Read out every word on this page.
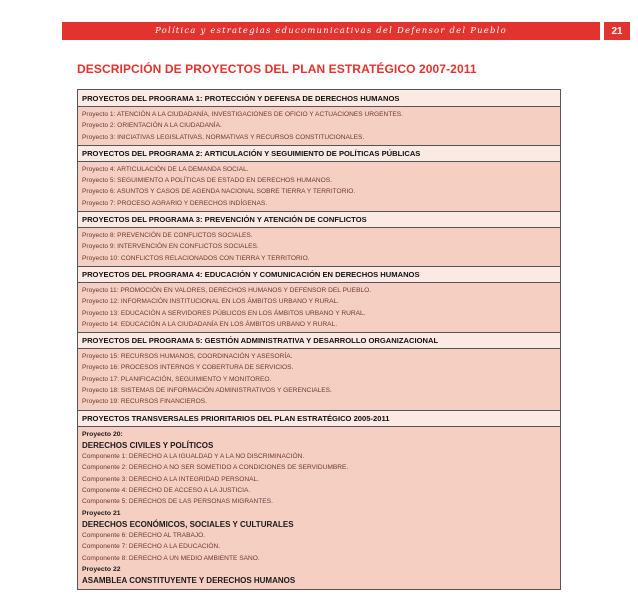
Política y estrategias educomunicativas del Defensor del Pueblo	21
DESCRIPCIÓN DE PROYECTOS DEL PLAN ESTRATÉGICO 2007-2011
PROYECTOS DEL PROGRAMA 1: PROTECCIÓN Y DEFENSA DE DERECHOS HUMANOS
Proyecto 1: ATENCIÓN A LA CIUDADANÍA, INVESTIGACIONES DE OFICIO Y ACTUACIONES URGENTES.
Proyecto 2: ORIENTACIÓN A LA CIUDADANÍA.
Proyecto 3: INICIATIVAS LEGISLATIVAS, NORMATIVAS Y RECURSOS CONSTITUCIONALES.
PROYECTOS DEL PROGRAMA 2: ARTICULACIÓN Y SEGUIMIENTO DE POLÍTICAS PÚBLICAS
Proyecto 4: ARTICULACIÓN DE LA DEMANDA SOCIAL.
Proyecto 5: SEGUIMIENTO A POLÍTICAS DE ESTADO EN DERECHOS HUMANOS.
Proyecto 6: ASUNTOS Y CASOS DE AGENDA NACIONAL SOBRE TIERRA Y TERRITORIO.
Proyecto 7: PROCESO AGRARIO Y DERECHOS INDÍGENAS.
PROYECTOS DEL PROGRAMA 3: PREVENCIÓN Y ATENCIÓN DE CONFLICTOS
Proyecto 8: PREVENCIÓN DE CONFLICTOS SOCIALES.
Proyecto 9: INTERVENCIÓN EN CONFLICTOS SOCIALES.
Proyecto 10: CONFLICTOS RELACIONADOS CON TIERRA Y TERRITORIO.
PROYECTOS DEL PROGRAMA 4: EDUCACIÓN Y COMUNICACIÓN EN DERECHOS HUMANOS
Proyecto 11: PROMOCIÓN EN VALORES, DERECHOS HUMANOS Y DEFENSOR DEL PUEBLO.
Proyecto 12: INFORMACIÓN INSTITUCIONAL EN LOS ÁMBITOS URBANO Y RURAL.
Proyecto 13: EDUCACIÓN A SERVIDORES PÚBLICOS EN LOS ÁMBITOS URBANO Y RURAL.
Proyecto 14: EDUCACIÓN A LA CIUDADANÍA EN LOS ÁMBITOS URBANO Y RURAL.
PROYECTOS DEL PROGRAMA 5: GESTIÓN ADMINISTRATIVA Y DESARROLLO ORGANIZACIONAL
Proyecto 15: RECURSOS HUMANOS, COORDINACIÓN Y ASESORÍA.
Proyecto 16: PROCESOS INTERNOS Y COBERTURA DE SERVICIOS.
Proyecto 17: PLANIFICACIÓN, SEGUIMIENTO Y MONITOREO.
Proyecto 18: SISTEMAS DE INFORMACIÓN ADMINISTRATIVOS Y GERENCIALES.
Proyecto 19: RECURSOS FINANCIEROS.
PROYECTOS TRANSVERSALES PRIORITARIOS DEL PLAN ESTRATÉGICO 2005-2011
Proyecto 20:
DERECHOS CIVILES Y POLÍTICOS
Componente 1: DERECHO A LA IGUALDAD Y A LA NO DISCRIMINACIÓN.
Componente 2: DERECHO A NO SER SOMETIDO A CONDICIONES DE SERVIDUMBRE.
Componente 3: DERECHO A LA INTEGRIDAD PERSONAL.
Componente 4: DERECHO DE ACCESO A LA JUSTICIA.
Componente 5: DERECHOS DE LAS PERSONAS MIGRANTES.
Proyecto 21
DERECHOS ECONÓMICOS, SOCIALES Y CULTURALES
Componente 6: DERECHO AL TRABAJO.
Componente 7: DERECHO A LA EDUCACIÓN.
Componente 8: DERECHO A UN MEDIO AMBIENTE SANO.
Proyecto 22
ASAMBLEA CONSTITUYENTE Y DERECHOS HUMANOS
